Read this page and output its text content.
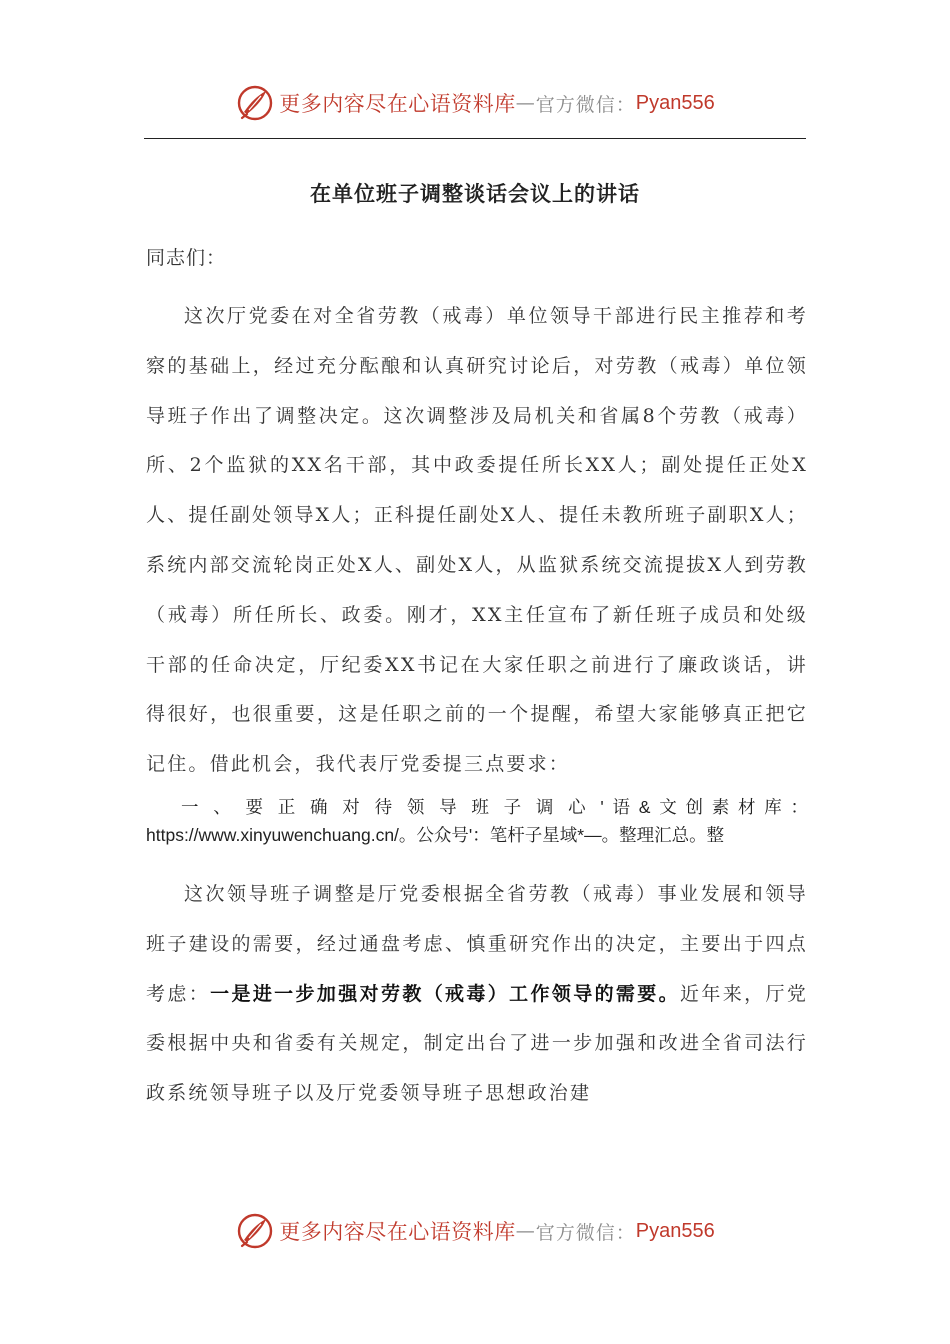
更多内容尽在心语资料库 — 官方微信： Pyan556
在单位班子调整谈话会议上的讲话

同志们：

这次厅党委在对全省劳教（戒毒）单位领导干部进行民主推荐和考察的基础上，经过充分酝酿和认真研究讨论后，对劳教（戒毒）单位领导班子作出了调整决定。这次调整涉及局机关和省属8个劳教（戒毒）所、2个监狱的XX名干部，其中政委提任所长XX人；副处提任正处X人、提任副处领导X人；正科提任副处X人、提任未教所班子副职X人；系统内部交流轮岗正处X人、副处X人，从监狱系统交流提拔X人到劳教（戒毒）所任所长、政委。刚才，XX主任宣布了新任班子成员和处级干部的任命决定，厅纪委XX书记在大家任职之前进行了廉政谈话，讲得很好，也很重要，这是任职之前的一个提醒，希望大家能够真正把它记住。借此机会，我代表厅党委提三点要求：

一、要正确对待领导班子调心'语&文创素材库：https://www.xinyuwenchuang.cn/。公众号'：笔杆子星域*—。整理汇总。整

这次领导班子调整是厅党委根据全省劳教（戒毒）事业发展和领导班子建设的需要，经过通盘考虑、慎重研究作出的决定，主要出于四点考虑：一是进一步加强对劳教（戒毒）工作领导的需要。近年来，厅党委根据中央和省委有关规定，制定出台了进一步加强和改进全省司法行政系统领导班子以及厅党委领导班子思想政治建

更多内容尽在心语资料库 — 官方微信： Pyan556
